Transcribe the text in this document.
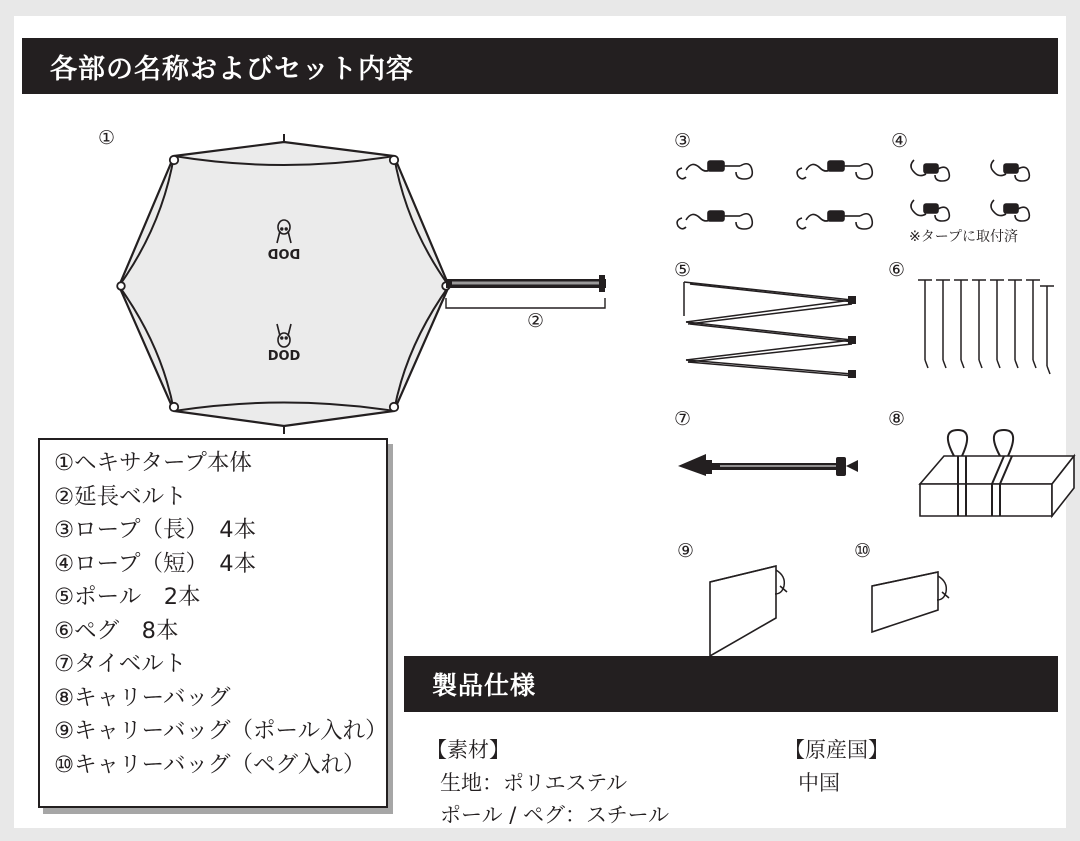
各部の名称およびセット内容
①
DOD
DOD
②
③	④
※タープに取付済
⑤	⑥
⑦	⑧
⑨	⑩
①ヘキサタープ本体
②延長ベルト
③ロープ（長）　4本
④ロープ（短）　4本
⑤ポール　2本
⑥ペグ　8本
⑦タイベルト
⑧キャリーバッグ
⑨キャリーバッグ（ポール入れ）
⑩キャリーバッグ（ペグ入れ）
製品仕様
【素材】
生地：ポリエステル
ポール / ペグ：スチール
【原産国】
中国
